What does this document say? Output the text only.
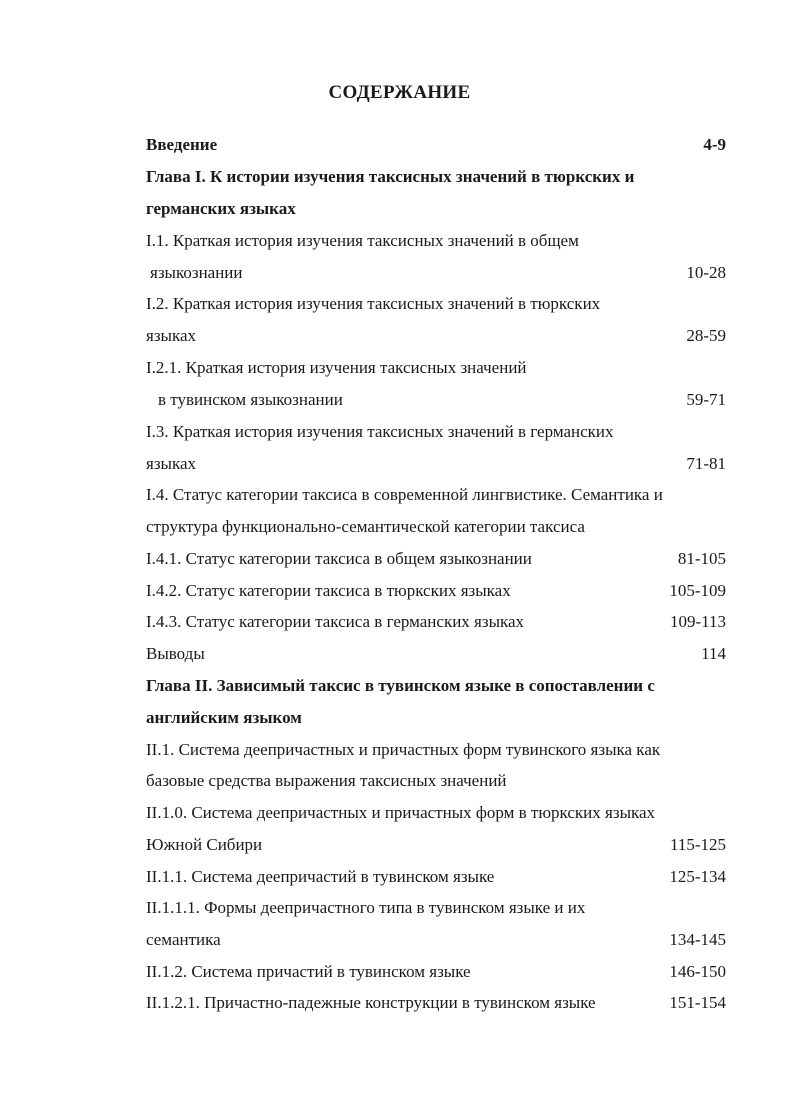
СОДЕРЖАНИЕ
Введение	4-9
Глава I. К истории изучения таксисных значений в тюркских и
германских языках
I.1. Краткая история изучения таксисных значений в общем
языкознании	10-28
I.2. Краткая история изучения таксисных значений в тюркских
языках	28-59
I.2.1. Краткая история изучения таксисных значений
в тувинском языкознании	59-71
I.3. Краткая история изучения таксисных значений в германских
языках	71-81
I.4. Статус категории таксиса в современной лингвистике. Семантика и
структура функционально-семантической категории таксиса
I.4.1. Статус категории таксиса в общем языкознании	81-105
I.4.2. Статус категории таксиса в тюркских языках	105-109
I.4.3. Статус категории таксиса в германских языках	109-113
Выводы	114
Глава II. Зависимый таксис в тувинском языке в сопоставлении с
английским языком
II.1. Система деепричастных и причастных форм тувинского языка как
базовые средства выражения таксисных значений
II.1.0. Система деепричастных и причастных форм в тюркских языках
Южной Сибири	115-125
II.1.1. Система деепричастий в тувинском языке	125-134
II.1.1.1. Формы деепричастного типа в тувинском языке и их
семантика	134-145
II.1.2. Система причастий в тувинском языке	146-150
II.1.2.1. Причастно-падежные конструкции в тувинском языке	151-154
